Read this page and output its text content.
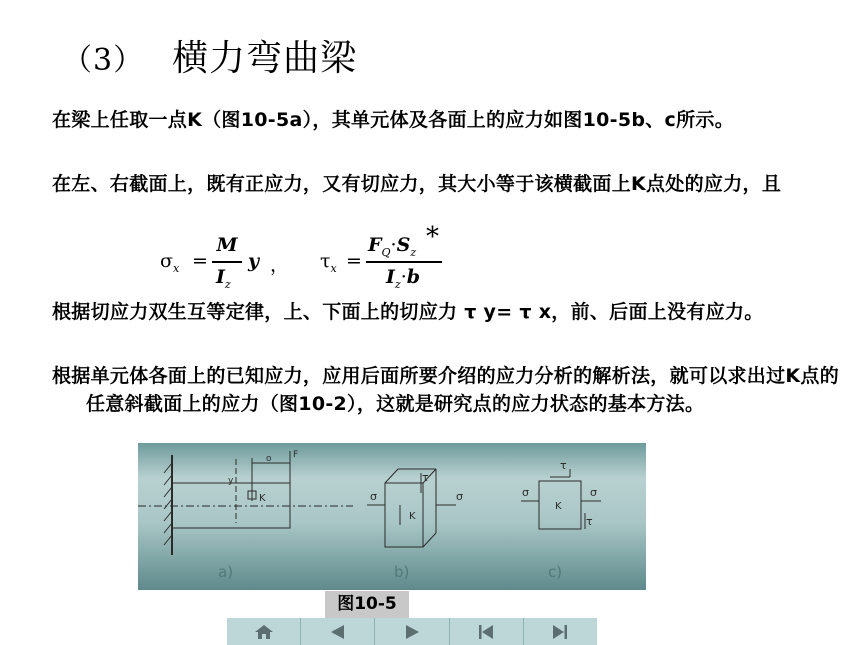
（3） 横力弯曲梁
在梁上任取一点K（图10-5a），其单元体及各面上的应力如图10-5b、c所示。
在左、右截面上，既有正应力，又有切应力，其大小等于该横截面上K点处的应力，且
$\sigma_x$ =
M
$I_z$
y ， $\tau_x$ =
$F_Q\cdot S_z$
*
$I_z\cdot b$
根据切应力双生互等定律，上、下面上的切应力 τ y= τ x，前、后面上没有应力。
根据单元体各面上的已知应力，应用后面所要介绍的应力分析的解析法，就可以求出过K点的任意斜截面上的应力（图10-2），这就是研究点的应力状态的基本方法。
o F
y
K
a)
σ	σ
τ
K
b)
σ	σ
τ
τ
K
c)
图10-5
